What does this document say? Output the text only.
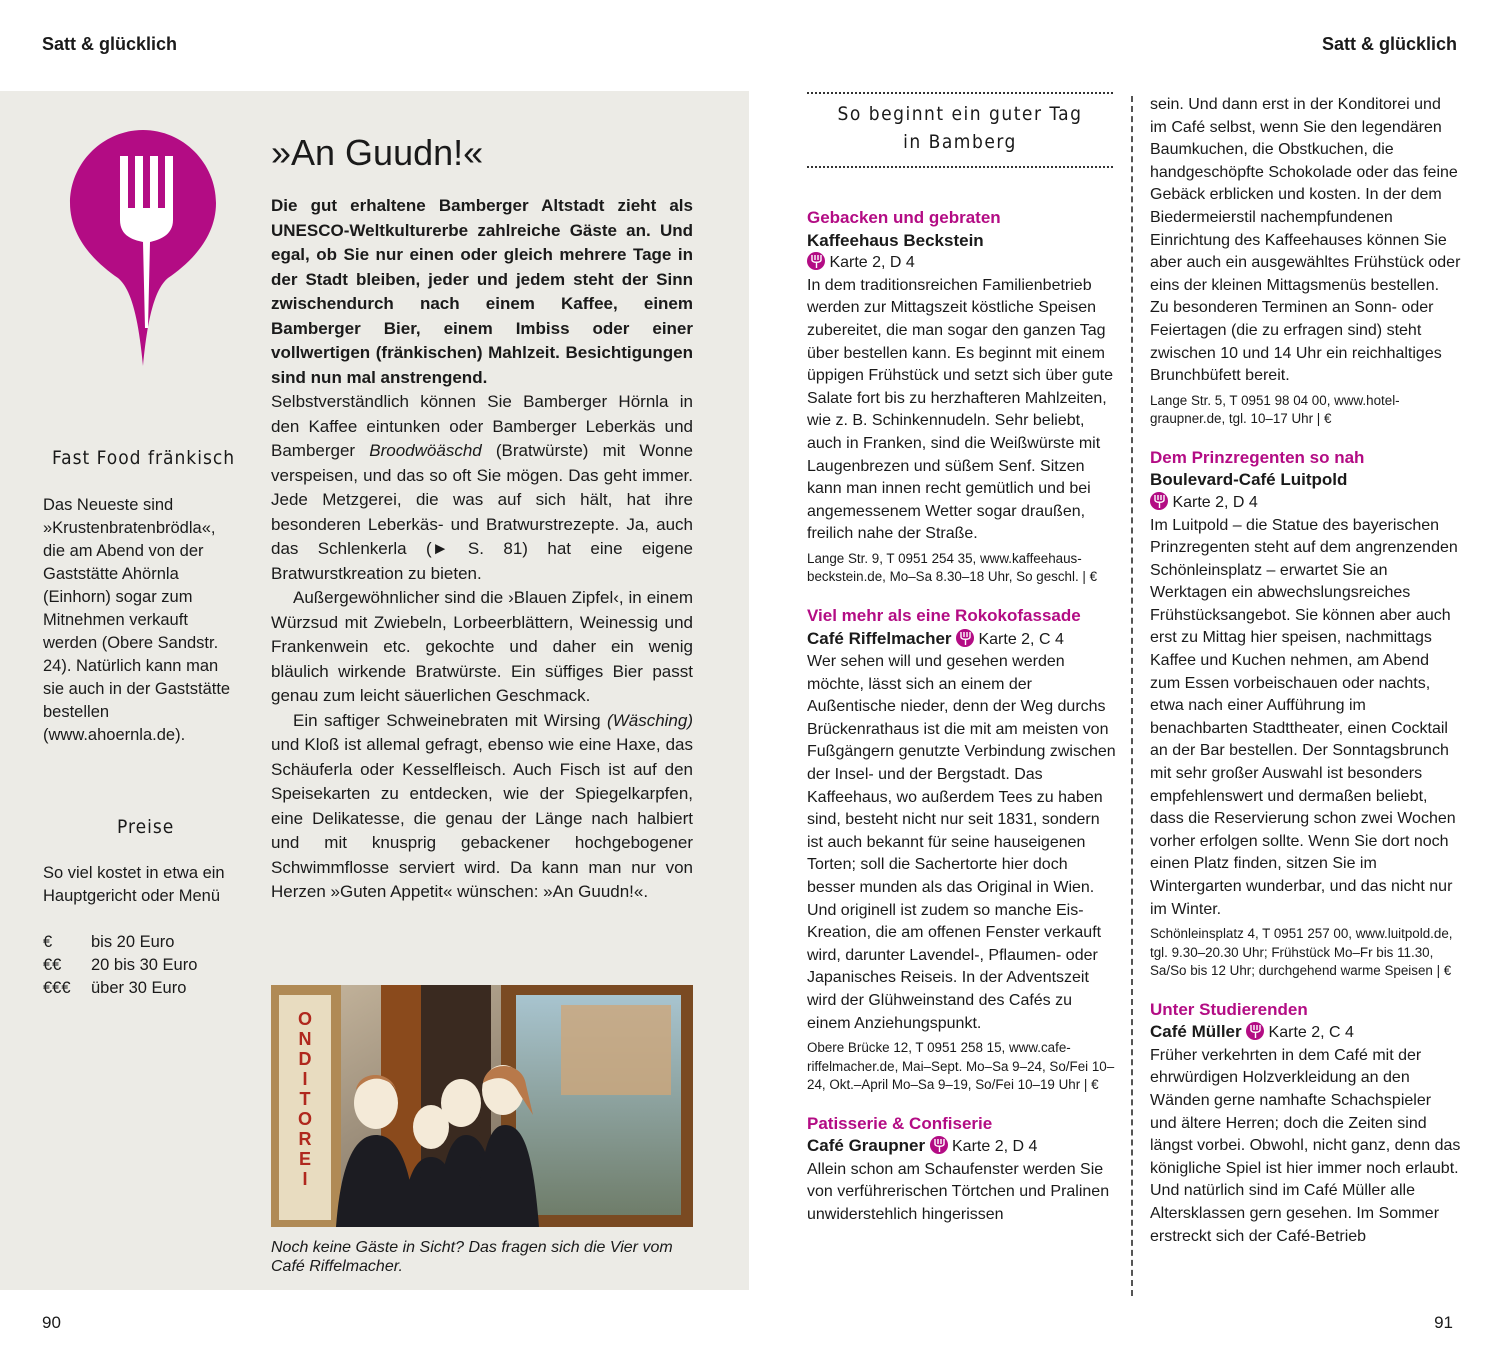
Satt & glücklich	Satt & glücklich
90	91
Fast Food fränkisch
Das Neueste sind »Krustenbratenbrödla«, die am Abend von der Gaststätte Ahörnla (Einhorn) sogar zum Mitnehmen verkauft werden (Obere Sandstr. 24). Natürlich kann man sie auch in der Gaststätte bestellen (www.ahoernla.de).
Preise
So viel kostet in etwa ein Hauptgericht oder Menü
€ bis 20 Euro
€€ 20 bis 30 Euro
€€€ über 30 Euro
»An Guudn!«

Die gut erhaltene Bamberger Altstadt zieht als UNESCO-Weltkulturerbe zahlreiche Gäste an. Und egal, ob Sie nur einen oder gleich mehrere Tage in der Stadt bleiben, jeder und jedem steht der Sinn zwischendurch nach einem Kaffee, einem Bamberger Bier, einem Imbiss oder einer vollwertigen (fränkischen) Mahlzeit. Besichtigungen sind nun mal anstrengend.

Selbstverständlich können Sie Bamberger Hörnla in den Kaffee eintunken oder Bamberger Leberkäs und Bamberger Broodwöäschd (Bratwürste) mit Wonne verspeisen, und das so oft Sie mögen. Das geht immer. Jede Metzgerei, die was auf sich hält, hat ihre besonderen Leberkäs- und Bratwurstrezepte. Ja, auch das Schlenkerla (► S. 81) hat eine eigene Bratwurstkreation zu bieten.

Außergewöhnlicher sind die ›Blauen Zipfel‹, in einem Würzsud mit Zwiebeln, Lorbeerblättern, Weinessig und Frankenwein etc. gekochte und daher ein wenig bläulich wirkende Bratwürste. Ein süffiges Bier passt genau zum leicht säuerlichen Geschmack.

Ein saftiger Schweinebraten mit Wirsing (Wäsching) und Kloß ist allemal gefragt, ebenso wie eine Haxe, das Schäuferla oder Kesselfleisch. Auch Fisch ist auf den Speisekarten zu entdecken, wie der Spiegelkarpfen, eine Delikatesse, die genau der Länge nach halbiert und mit knusprig gebackener hochgebogener Schwimmflosse serviert wird. Da kann man nur von Herzen »Guten Appetit« wünschen: »An Guudn!«.

O N D I T O R E I
Noch keine Gäste in Sicht? Das fragen sich die Vier vom Café Riffelmacher.
So beginnt ein guter Tag
in Bamberg
Gebacken und gebraten
Kaffeehaus Beckstein
Karte 2, D 4
In dem traditionsreichen Familienbetrieb werden zur Mittagszeit köstliche Speisen zubereitet, die man sogar den ganzen Tag über bestellen kann. Es beginnt mit einem üppigen Frühstück und setzt sich über gute Salate fort bis zu herzhafteren Mahlzeiten, wie z. B. Schinkennudeln. Sehr beliebt, auch in Franken, sind die Weißwürste mit Laugenbrezen und süßem Senf. Sitzen kann man innen recht gemütlich und bei angemessenem Wetter sogar draußen, freilich nahe der Straße.
Lange Str. 9, T 0951 254 35, www.kaffeehaus-beckstein.de, Mo–Sa 8.30–18 Uhr, So geschl. | €
Viel mehr als eine Rokokofassade
Café Riffelmacher Karte 2, C 4
Wer sehen will und gesehen werden möchte, lässt sich an einem der Außentische nieder, denn der Weg durchs Brückenrathaus ist die mit am meisten von Fußgängern genutzte Verbindung zwischen der Insel- und der Bergstadt. Das Kaffeehaus, wo außerdem Tees zu haben sind, besteht nicht nur seit 1831, sondern ist auch bekannt für seine hauseigenen Torten; soll die Sachertorte hier doch besser munden als das Original in Wien. Und originell ist zudem so manche Eis-Kreation, die am offenen Fenster verkauft wird, darunter Lavendel-, Pflaumen- oder Japanisches Reiseis. In der Adventszeit wird der Glühweinstand des Cafés zu einem Anziehungspunkt.
Obere Brücke 12, T 0951 258 15, www.cafe-riffelmacher.de, Mai–Sept. Mo–Sa 9–24, So/Fei 10–24, Okt.–April Mo–Sa 9–19, So/Fei 10–19 Uhr | €
Patisserie & Confiserie
Café Graupner Karte 2, D 4
Allein schon am Schaufenster werden Sie von verführerischen Törtchen und Pralinen unwiderstehlich hingerissen
sein. Und dann erst in der Konditorei und im Café selbst, wenn Sie den legendären Baumkuchen, die Obstkuchen, die handgeschöpfte Schokolade oder das feine Gebäck erblicken und kosten. In der dem Biedermeierstil nachempfundenen Einrichtung des Kaffeehauses können Sie aber auch ein ausgewähltes Frühstück oder eins der kleinen Mittagsmenüs bestellen. Zu besonderen Terminen an Sonn- oder Feiertagen (die zu erfragen sind) steht zwischen 10 und 14 Uhr ein reichhaltiges Brunchbüfett bereit.
Lange Str. 5, T 0951 98 04 00, www.hotel-graupner.de, tgl. 10–17 Uhr | €
Dem Prinzregenten so nah
Boulevard-Café Luitpold
Karte 2, D 4
Im Luitpold – die Statue des bayerischen Prinzregenten steht auf dem angrenzenden Schönleinsplatz – erwartet Sie an Werktagen ein abwechslungsreiches Frühstücksangebot. Sie können aber auch erst zu Mittag hier speisen, nachmittags Kaffee und Kuchen nehmen, am Abend zum Essen vorbeischauen oder nachts, etwa nach einer Aufführung im benachbarten Stadttheater, einen Cocktail an der Bar bestellen. Der Sonntagsbrunch mit sehr großer Auswahl ist besonders empfehlenswert und dermaßen beliebt, dass die Reservierung schon zwei Wochen vorher erfolgen sollte. Wenn Sie dort noch einen Platz finden, sitzen Sie im Wintergarten wunderbar, und das nicht nur im Winter.
Schönleinsplatz 4, T 0951 257 00, www.luitpold.de, tgl. 9.30–20.30 Uhr; Frühstück Mo–Fr bis 11.30, Sa/So bis 12 Uhr; durchgehend warme Speisen | €
Unter Studierenden
Café Müller Karte 2, C 4
Früher verkehrten in dem Café mit der ehrwürdigen Holzverkleidung an den Wänden gerne namhafte Schachspieler und ältere Herren; doch die Zeiten sind längst vorbei. Obwohl, nicht ganz, denn das königliche Spiel ist hier immer noch erlaubt. Und natürlich sind im Café Müller alle Altersklassen gern gesehen. Im Sommer erstreckt sich der Café-Betrieb
